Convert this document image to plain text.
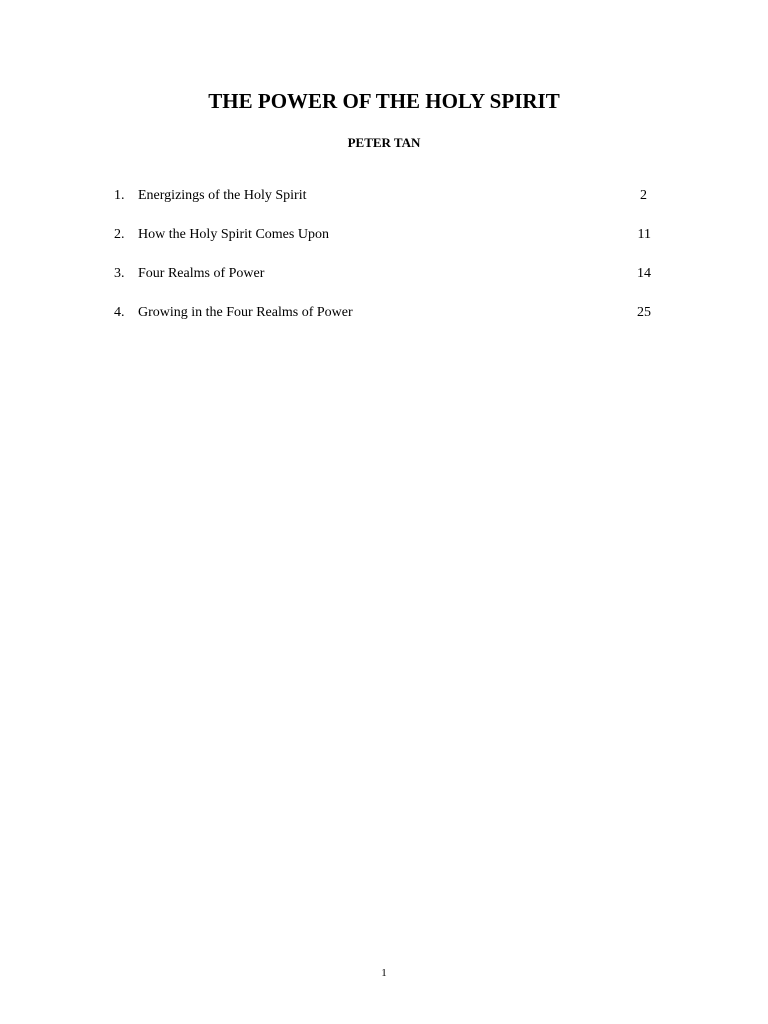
THE POWER OF THE HOLY SPIRIT
PETER TAN
1. Energizings of the Holy Spirit	2
2. How the Holy Spirit Comes Upon	11
3. Four Realms of Power	14
4. Growing in the Four Realms of Power	25
1
